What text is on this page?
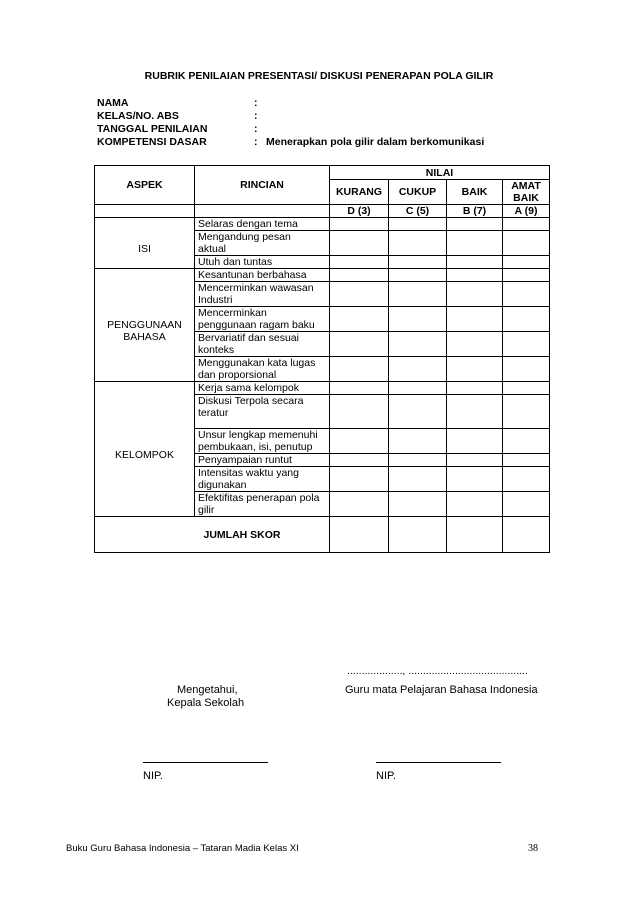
RUBRIK PENILAIAN PRESENTASI/ DISKUSI PENERAPAN POLA GILIR
NAMA	:
KELAS/NO. ABS	:
TANGGAL PENILAIAN	:
KOMPETENSI DASAR	: Menerapkan pola gilir dalam berkomunikasi
ASPEK	RINCIAN	NILAI			
		KURANG	CUKUP	BAIK	AMAT
BAIK

		D (3)	C (5)	B (7)	A (9)
ISI	Selaras dengan tema				

	Mengandung pesan
aktual				

	Utuh dan tuntas				

PENGGUNAAN
BAHASA	Kesantunan berbahasa				

	Mencerminkan wawasan
Industri				

	Mencerminkan
penggunaan ragam baku				

	Bervariatif dan sesuai
konteks				

	Menggunakan kata lugas
dan proporsional				

KELOMPOK	Kerja sama kelompok				

	Diskusi Terpola secara
teratur				

	Unsur lengkap memenuhi
pembukaan, isi, penutup				

	Penyampaian runtut				

	Intensitas waktu yang
digunakan				

	Efektifitas penerapan pola
gilir				

JUMLAH SKOR					
..................., .........................................
Mengetahui,
Kepala Sekolah
Guru mata Pelajaran Bahasa Indonesia
NIP.	NIP.
Buku Guru Bahasa Indonesia – Tataran Madia Kelas XI	38
